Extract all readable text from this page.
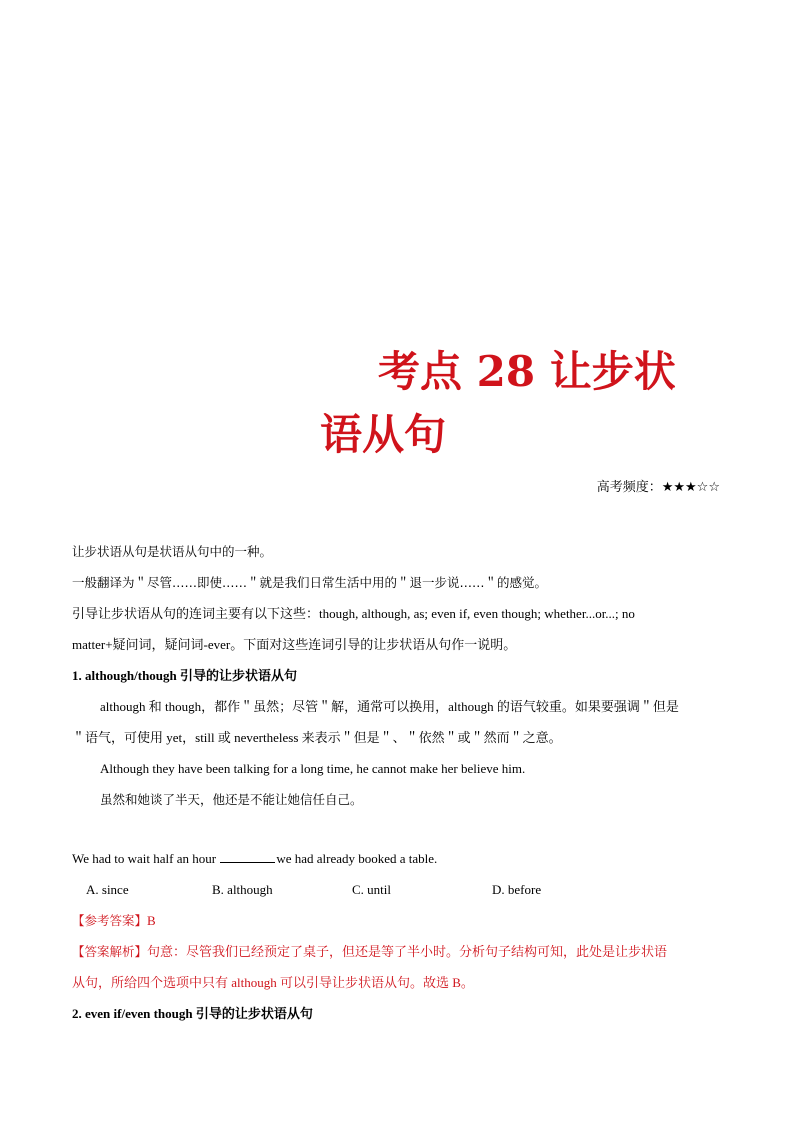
考点 28 让步状
语从句
高考频度：★★★☆☆

让步状语从句是状语从句中的一种。

一般翻译为＂尽管……即使……＂就是我们日常生活中用的＂退一步说……＂的感觉。

引导让步状语从句的连词主要有以下这些：though, although, as; even if, even though; whether...or...; no

matter+疑问词，疑问词-ever。下面对这些连词引导的让步状语从句作一说明。

1. although/though 引导的让步状语从句

although 和 though，都作＂虽然；尽管＂解，通常可以换用，although 的语气较重。如果要强调＂但是

＂语气，可使用 yet，still 或 nevertheless 来表示＂但是＂、＂依然＂或＂然而＂之意。

Although they have been talking for a long time, he cannot make her believe him.

虽然和她谈了半天，他还是不能让她信任自己。

We had to wait half an hour	we had already booked a table.

A. since	B. although	C. until	D. before

【参考答案】B

【答案解析】句意：尽管我们已经预定了桌子，但还是等了半小时。分析句子结构可知，此处是让步状语

从句，所给四个选项中只有 although 可以引导让步状语从句。故选 B。

2. even if/even though 引导的让步状语从句
